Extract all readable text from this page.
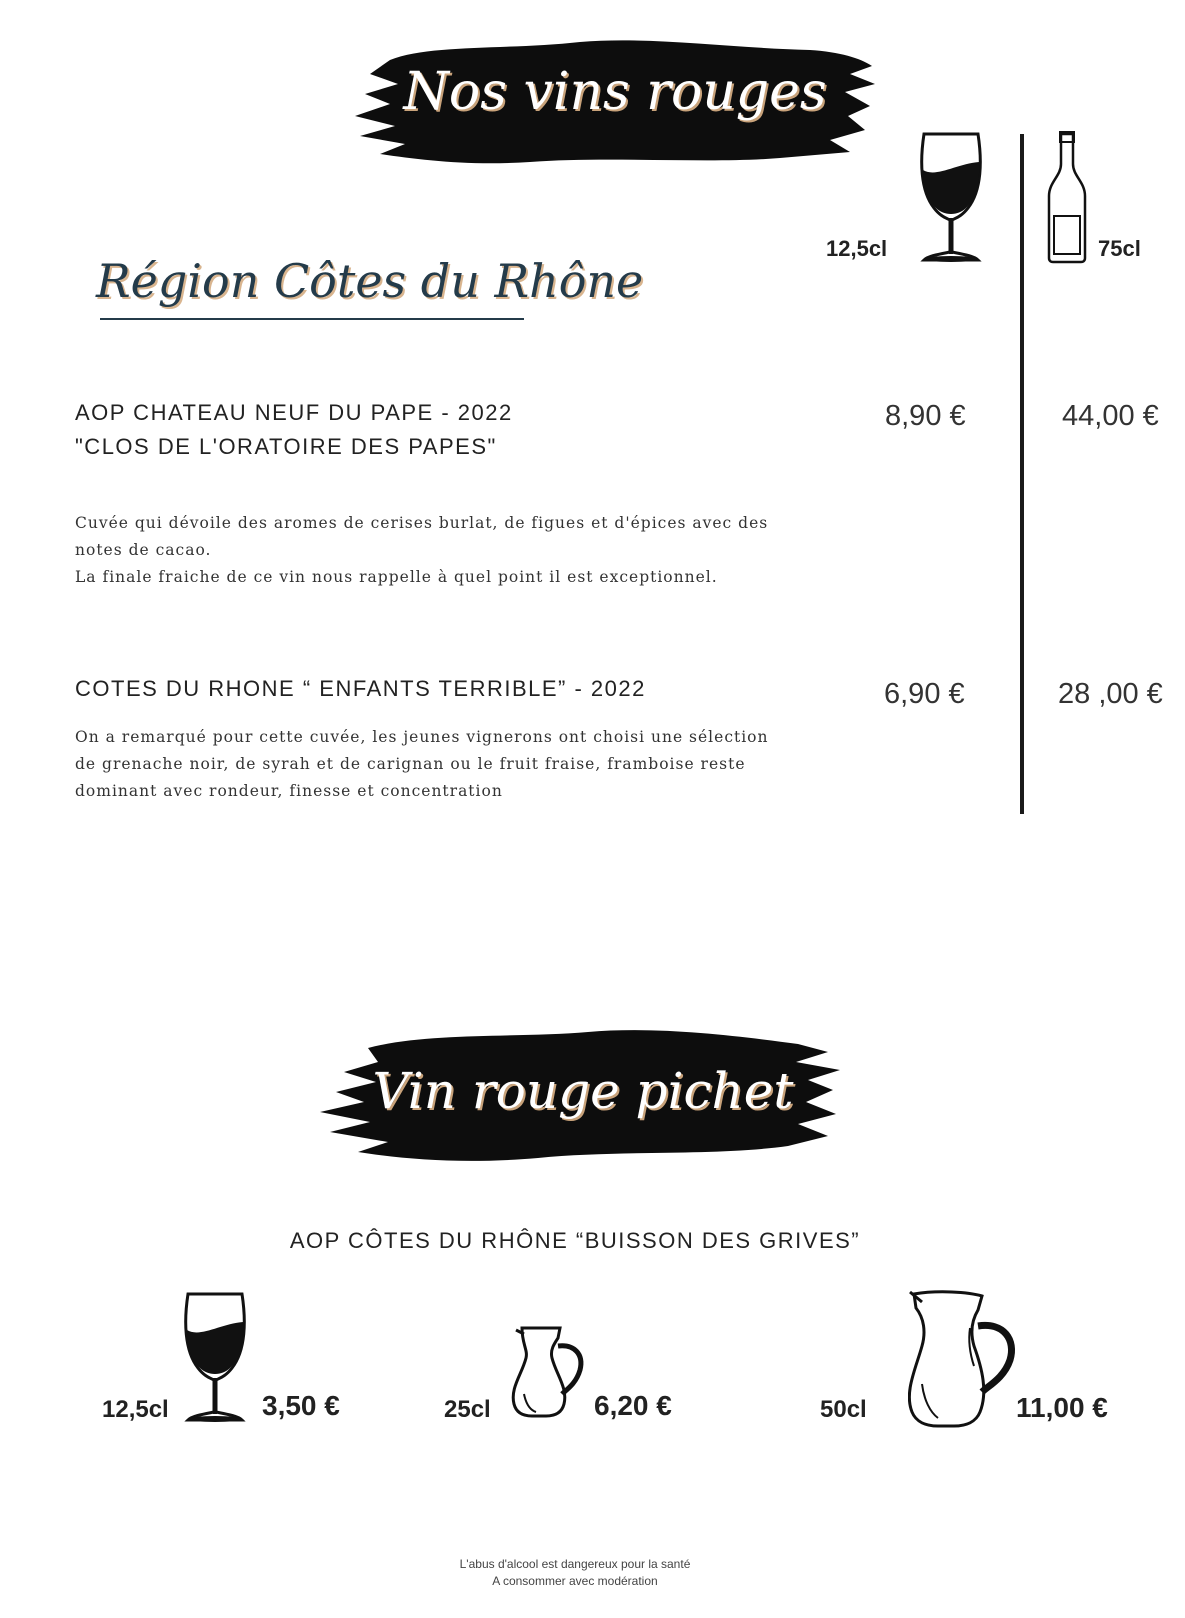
Nos vins rouges
12,5cl	75cl
Région Côtes du Rhône
AOP CHATEAU NEUF DU PAPE - 2022
"CLOS DE L'ORATOIRE DES PAPES"
Cuvée qui dévoile des aromes de cerises burlat, de figues et d'épices avec des
notes de cacao.
La finale fraiche de ce vin nous rappelle à quel point il est exceptionnel.
8,90 €	44,00 €
COTES DU RHONE “ ENFANTS TERRIBLE” - 2022
On a remarqué pour cette cuvée, les jeunes vignerons ont choisi une sélection
de grenache noir, de syrah et de carignan ou le fruit fraise, framboise reste
dominant avec rondeur, finesse et concentration
6,90 €	28 ,00 €
Vin rouge pichet
AOP CÔTES DU RHÔNE “BUISSON DES GRIVES”
12,5cl	3,50 €	25cl	6,20 €	50cl	11,00 €
L'abus d'alcool est dangereux pour la santé
A consommer avec modération
